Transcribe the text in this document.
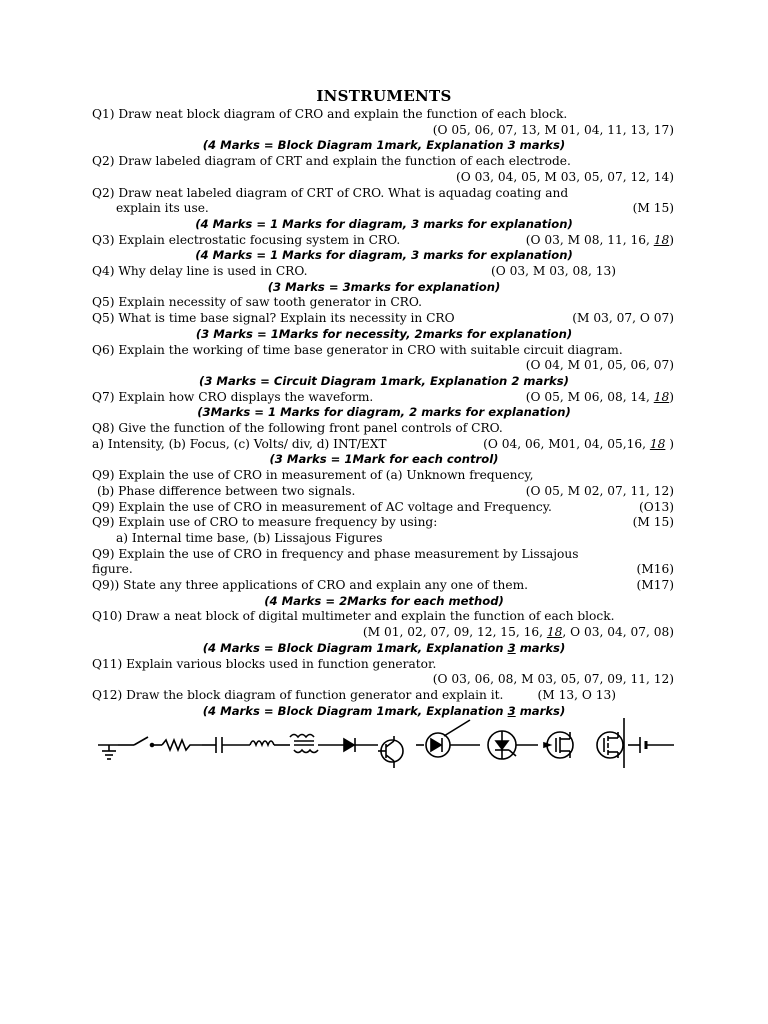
INSTRUMENTS
Q1) Draw neat block diagram of CRO and explain the function of each block.
(O 05, 06, 07, 13, M 01, 04, 11, 13, 17)
(4 Marks = Block Diagram 1mark, Explanation 3 marks)
Q2) Draw labeled diagram of CRT and explain the function of each electrode.
(O 03, 04, 05, M 03, 05, 07, 12, 14)
Q2) Draw neat labeled diagram of CRT of CRO. What is aquadag coating and
explain its use.	(M 15)
(4 Marks = 1 Marks for diagram, 3 marks for explanation)
Q3) Explain electrostatic focusing system in CRO.	(O 03, M 08, 11, 16, 18)
(4 Marks = 1 Marks for diagram, 3 marks for explanation)
Q4) Why delay line is used in CRO.	(O 03, M 03, 08, 13)
(3 Marks = 3marks for explanation)
Q5) Explain necessity of saw tooth generator in CRO.
Q5) What is time base signal? Explain its necessity in CRO	(M 03, 07, O 07)
(3 Marks = 1Marks for necessity, 2marks for explanation)
Q6) Explain the working of time base generator in CRO with suitable circuit diagram.
(O 04, M 01, 05, 06, 07)
(3 Marks = Circuit Diagram 1mark, Explanation 2 marks)
Q7) Explain how CRO displays the waveform.	(O 05, M 06, 08, 14, 18)
(3Marks = 1 Marks for diagram, 2 marks for explanation)
Q8) Give the function of the following front panel controls of CRO.
a) Intensity, (b) Focus, (c) Volts/ div, d) INT/EXT	(O 04, 06, M01, 04, 05,16, 18 )
(3 Marks = 1Mark for each control)
Q9) Explain the use of CRO in measurement of (a) Unknown frequency,
(b) Phase difference between two signals.	(O 05, M 02, 07, 11, 12)
Q9) Explain the use of CRO in measurement of AC voltage and Frequency.	(O13)
Q9) Explain use of CRO to measure frequency by using:	(M 15)
a) Internal time base, (b) Lissajous Figures
Q9) Explain the use of CRO in frequency and phase measurement by Lissajous
figure.	(M16)
Q9)) State any three applications of CRO and explain any one of them.	(M17)
(4 Marks = 2Marks for each method)
Q10) Draw a neat block of digital multimeter and explain the function of each block.
(M 01, 02, 07, 09, 12, 15, 16, 18, O 03, 04, 07, 08)
(4 Marks = Block Diagram 1mark, Explanation 3 marks)
Q11) Explain various blocks used in function generator.
(O 03, 06, 08, M 03, 05, 07, 09, 11, 12)
Q12) Draw the block diagram of function generator and explain it.	(M 13, O 13)
(4 Marks = Block Diagram 1mark, Explanation 3 marks)
